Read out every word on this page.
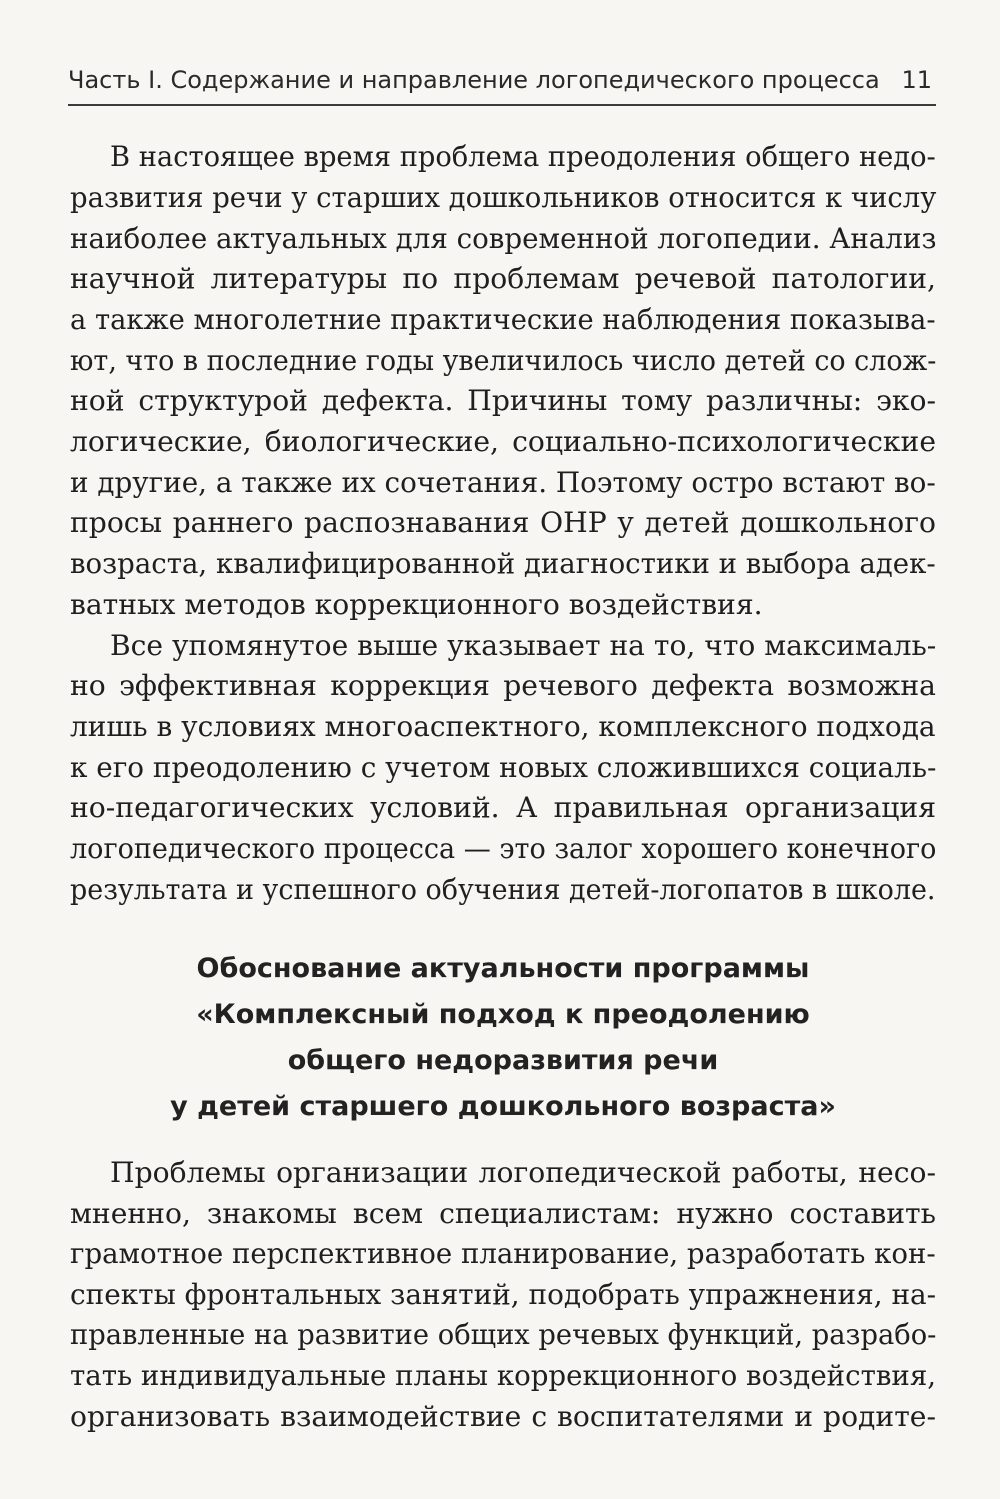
Часть I. Содержание и направление логопедического процесса 11
В настоящее время проблема преодоления общего недо-
развития речи у старших дошкольников относится к числу
наиболее актуальных для современной логопедии. Анализ
научной литературы по проблемам речевой патологии,
а также многолетние практические наблюдения показыва-
ют, что в последние годы увеличилось число детей со слож-
ной структурой дефекта. Причины тому различны: эко-
логические, биологические, социально-психологические
и другие, а также их сочетания. Поэтому остро встают во-
просы раннего распознавания ОНР у детей дошкольного
возраста, квалифицированной диагностики и выбора адек-
ватных методов коррекционного воздействия.
Все упомянутое выше указывает на то, что максималь-
но эффективная коррекция речевого дефекта возможна
лишь в условиях многоаспектного, комплексного подхода
к его преодолению с учетом новых сложившихся социаль-
но-педагогических условий. А правильная организация
логопедического процесса — это залог хорошего конечного
результата и успешного обучения детей-логопатов в школе.
Обоснование актуальности программы
«Комплексный подход к преодолению
общего недоразвития речи
у детей старшего дошкольного возраста»
Проблемы организации логопедической работы, несо-
мненно, знакомы всем специалистам: нужно составить
грамотное перспективное планирование, разработать кон-
спекты фронтальных занятий, подобрать упражнения, на-
правленные на развитие общих речевых функций, разрабо-
тать индивидуальные планы коррекционного воздействия,
организовать взаимодействие с воспитателями и родите-
